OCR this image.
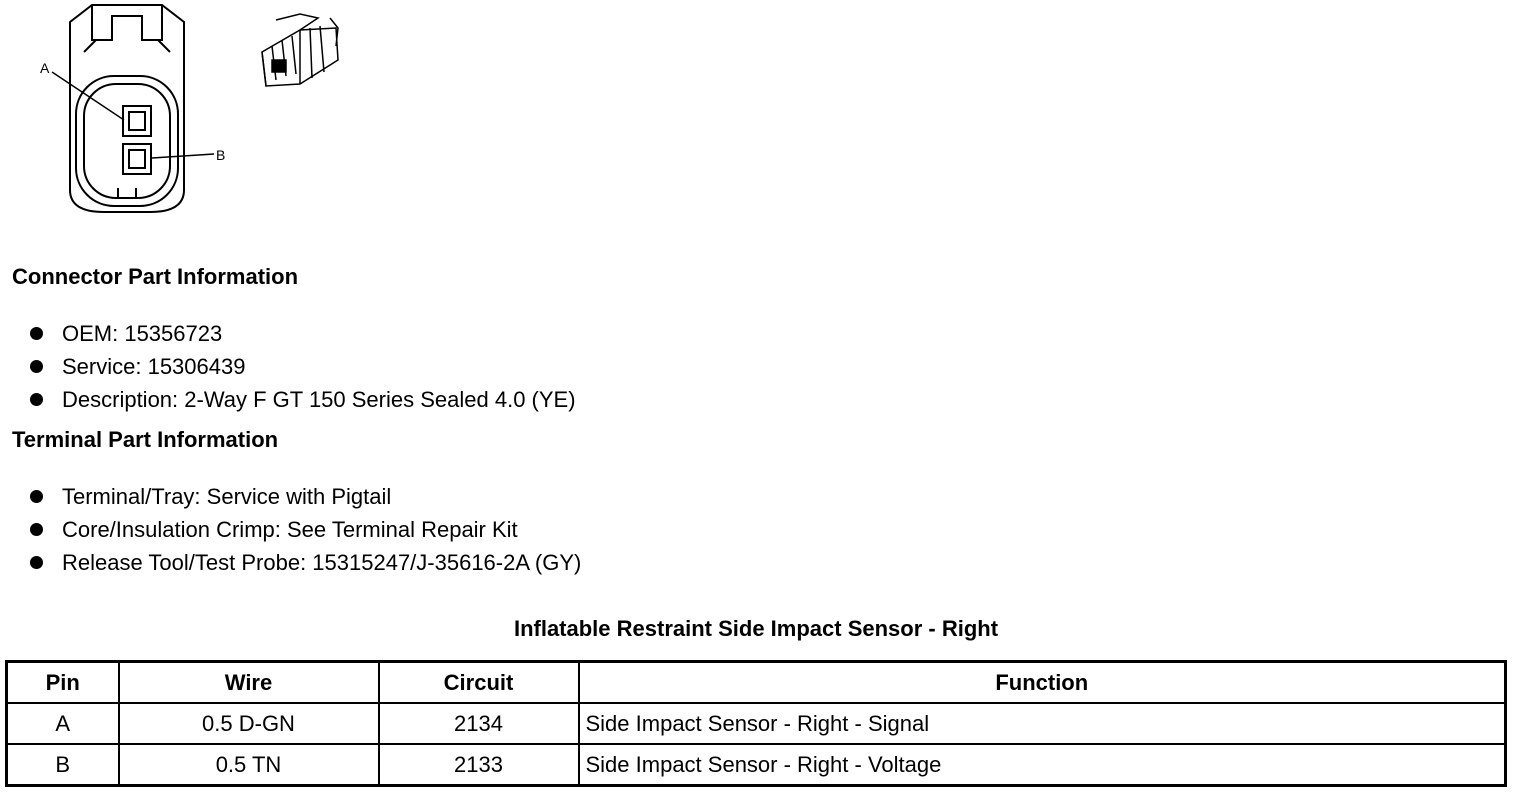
A
B
Connector Part Information
OEM: 15356723
Service: 15306439
Description: 2-Way F GT 150 Series Sealed 4.0 (YE)
Terminal Part Information
Terminal/Tray: Service with Pigtail
Core/Insulation Crimp: See Terminal Repair Kit
Release Tool/Test Probe: 15315247/J-35616-2A (GY)
Inflatable Restraint Side Impact Sensor - Right
Pin	Wire	Circuit	Function
A	0.5 D-GN	2134	Side Impact Sensor - Right - Signal
B	0.5 TN	2133	Side Impact Sensor - Right - Voltage
